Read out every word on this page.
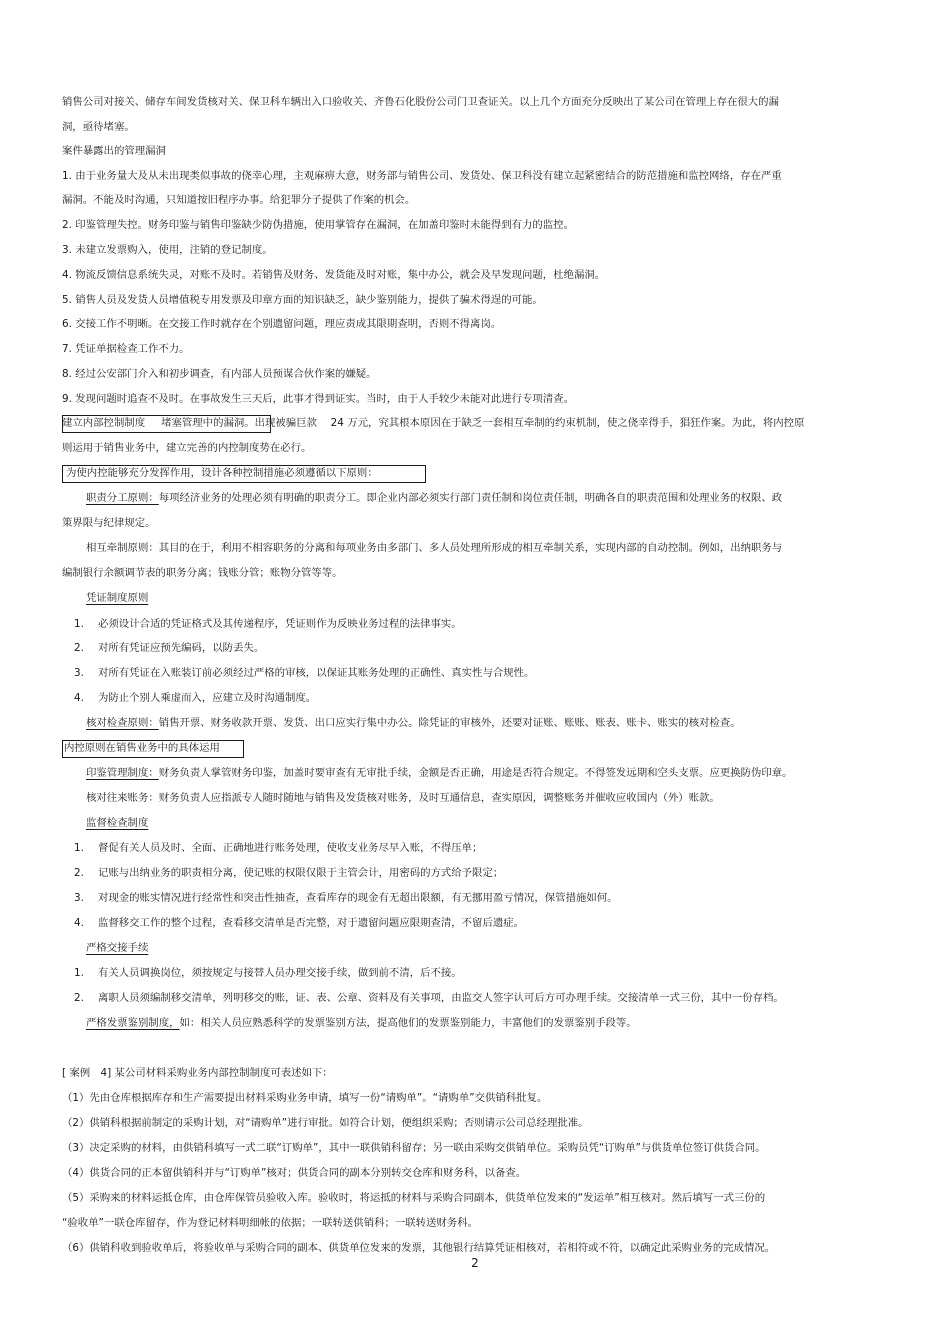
销售公司对接关、储存车间发货核对关、保卫科车辆出入口验收关、齐鲁石化股份公司门卫查证关。以上几个方面充分反映出了某公司在管理上存在很大的漏
洞，亟待堵塞。
案件暴露出的管理漏洞
1. 由于业务量大及从未出现类似事故的侥幸心理，主观麻痹大意，财务部与销售公司、发货处、保卫科没有建立起紧密结合的防范措施和监控网络，存在严重
漏洞。不能及时沟通，只知道按旧程序办事。给犯罪分子提供了作案的机会。
2. 印鉴管理失控。财务印鉴与销售印鉴缺少防伪措施，使用掌管存在漏洞，在加盖印鉴时未能得到有力的监控。
3. 未建立发票购入，使用，注销的登记制度。
4. 物流反馈信息系统失灵，对账不及时。若销售及财务、发货能及时对账，集中办公，就会及早发现问题，杜绝漏洞。
5. 销售人员及发货人员增值税专用发票及印章方面的知识缺乏，缺少鉴别能力，提供了骗术得逞的可能。
6. 交接工作不明晰。在交接工作时就存在个别遗留问题，理应责成其限期查明，否则不得离岗。
7. 凭证单据检查工作不力。
8. 经过公安部门介入和初步调查，有内部人员预谋合伙作案的嫌疑。
9. 发现问题时追查不及时。在事故发生三天后，此事才得到证实。当时，由于人手较少未能对此进行专项清查。
建立内部控制制度 堵塞管理中的漏洞。出现被骗巨款　 24 万元，究其根本原因在于缺乏一套相互牵制的约束机制，使之侥幸得手，猖狂作案。为此，将内控原
则运用于销售业务中，建立完善的内控制度势在必行。
为使内控能够充分发挥作用，设计各种控制措施必须遵循以下原则：
职责分工原则：每项经济业务的处理必须有明确的职责分工。即企业内部必须实行部门责任制和岗位责任制，明确各自的职责范围和处理业务的权限、政
策界限与纪律规定。
相互牵制原则：其目的在于，利用不相容职务的分离和每项业务由多部门、多人员处理所形成的相互牵制关系，实现内部的自动控制。例如，出纳职务与
编制银行余额调节表的职务分离；钱账分管；账物分管等等。
凭证制度原则
1. 必须设计合适的凭证格式及其传递程序，凭证则作为反映业务过程的法律事实。
2. 对所有凭证应预先编码，以防丢失。
3. 对所有凭证在入账装订前必须经过严格的审核，以保证其账务处理的正确性、真实性与合规性。
4. 为防止个别人乘虚而入，应建立及时沟通制度。
核对检查原则：销售开票、财务收款开票、发货、出口应实行集中办公。除凭证的审核外，还要对证账、账账、账表、账卡、账实的核对检查。
内控原则在销售业务中的具体运用
印鉴管理制度：财务负责人掌管财务印鉴，加盖时要审查有无审批手续，金额是否正确，用途是否符合规定。不得签发远期和空头支票。应更换防伪印章。
核对往来账务：财务负责人应指派专人随时随地与销售及发货核对账务，及时互通信息，查实原因，调整账务并催收应收国内（外）账款。
监督检查制度
1. 督促有关人员及时、全面、正确地进行账务处理，使收支业务尽早入账，不得压单；
2. 记账与出纳业务的职责相分离，使记账的权限仅限于主管会计，用密码的方式给予限定；
3. 对现金的账实情况进行经常性和突击性抽查，查看库存的现金有无超出限额，有无挪用盈亏情况，保管措施如何。
4. 监督移交工作的整个过程，查看移交清单是否完整，对于遗留问题应限期查清，不留后遗症。
严格交接手续
1. 有关人员调换岗位，须按规定与接替人员办理交接手续，做到前不清，后不接。
2. 离职人员须编制移交清单，列明移交的账，证、表、公章、资料及有关事项，由监交人签字认可后方可办理手续。交接清单一式三份，其中一份存档。
严格发票鉴别制度，如：相关人员应熟悉科学的发票鉴别方法，提高他们的发票鉴别能力，丰富他们的发票鉴别手段等。
[ 案例　4] 某公司材料采购业务内部控制制度可表述如下：
（1）先由仓库根据库存和生产需要提出材料采购业务申请，填写一份“请购单”。“请购单”交供销科批复。
（2）供销科根据前制定的采购计划，对“请购单”进行审批。如符合计划，便组织采购；否则请示公司总经理批准。
（3）决定采购的材料，由供销科填写一式二联“订购单”，其中一联供销科留存；另一联由采购交供销单位。采购员凭“订购单”与供货单位签订供货合同。
（4）供货合同的正本留供销科并与“订购单”核对；供货合同的副本分别转交仓库和财务科，以备查。
（5）采购来的材料运抵仓库，由仓库保管员验收入库。验收时，将运抵的材料与采购合同副本，供货单位发来的“发运单”相互核对。然后填写一式三份的
“验收单”一联仓库留存，作为登记材料明细帐的依据；一联转送供销科；一联转送财务科。
（6）供销科收到验收单后，将验收单与采购合同的副本、供货单位发来的发票，其他银行结算凭证相核对，若相符或不符，以确定此采购业务的完成情况。
2
